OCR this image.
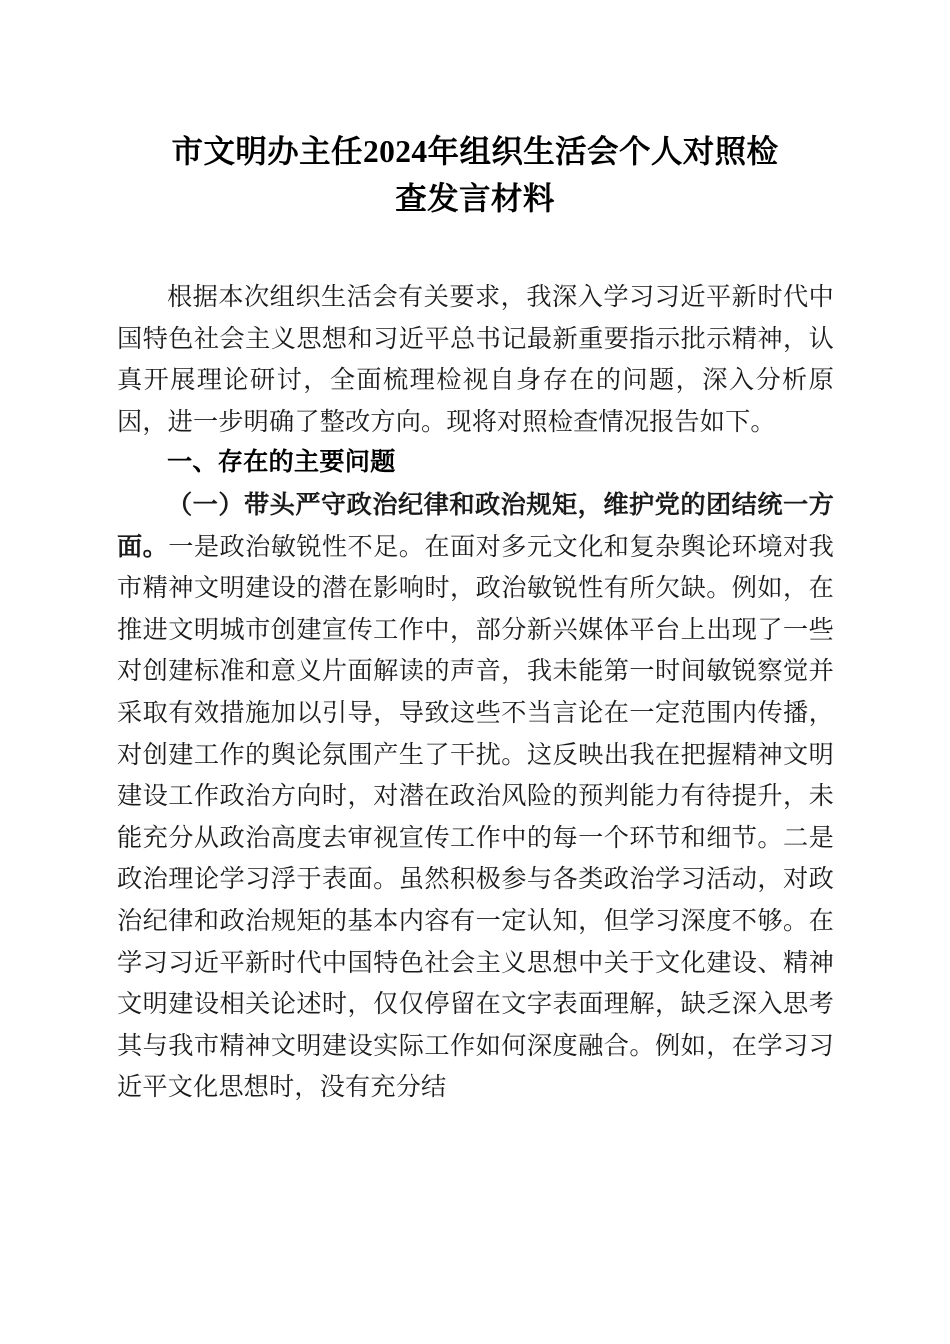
市文明办主任2024年组织生活会个人对照检
查发言材料

根据本次组织生活会有关要求，我深入学习习近平新时代中国特色社会主义思想和习近平总书记最新重要指示批示精神，认真开展理论研讨，全面梳理检视自身存在的问题，深入分析原因，进一步明确了整改方向。现将对照检查情况报告如下。

一、存在的主要问题

（一）带头严守政治纪律和政治规矩，维护党的团结统一方面。一是政治敏锐性不足。在面对多元文化和复杂舆论环境对我市精神文明建设的潜在影响时，政治敏锐性有所欠缺。例如，在推进文明城市创建宣传工作中，部分新兴媒体平台上出现了一些对创建标准和意义片面解读的声音，我未能第一时间敏锐察觉并采取有效措施加以引导，导致这些不当言论在一定范围内传播，对创建工作的舆论氛围产生了干扰。这反映出我在把握精神文明建设工作政治方向时，对潜在政治风险的预判能力有待提升，未能充分从政治高度去审视宣传工作中的每一个环节和细节。二是政治理论学习浮于表面。虽然积极参与各类政治学习活动，对政治纪律和政治规矩的基本内容有一定认知，但学习深度不够。在学习习近平新时代中国特色社会主义思想中关于文化建设、精神文明建设相关论述时，仅仅停留在文字表面理解，缺乏深入思考其与我市精神文明建设实际工作如何深度融合。例如，在学习习近平文化思想时，没有充分结
